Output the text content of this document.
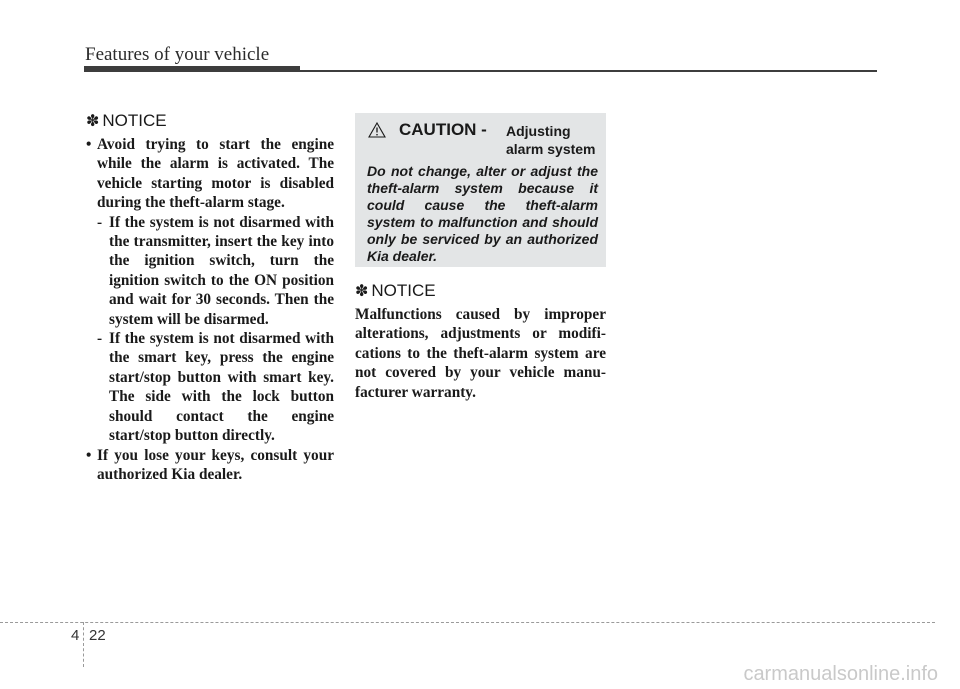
Features of your vehicle
✽ NOTICE
• Avoid trying to start the engine while the alarm is activated. The vehicle starting motor is disabled during the theft-alarm stage.
- If the system is not disarmed with the transmitter, insert the key into the ignition switch, turn the ignition switch to the ON position and wait for 30 seconds. Then the system will be disarmed.
- If the system is not disarmed with the smart key, press the engine start/stop button with smart key. The side with the lock button should contact the engine start/stop button directly.
• If you lose your keys, consult your authorized Kia dealer.
CAUTION - Adjusting
alarm system
Do not change, alter or adjust the theft-alarm system because it could cause the theft-alarm system to malfunction and should only be serviced by an authorized Kia dealer.
✽ NOTICE
Malfunctions caused by improper alterations, adjustments or modifi-cations to the theft-alarm system are not covered by your vehicle manu-facturer warranty.
4 22
carmanualsonline.info
